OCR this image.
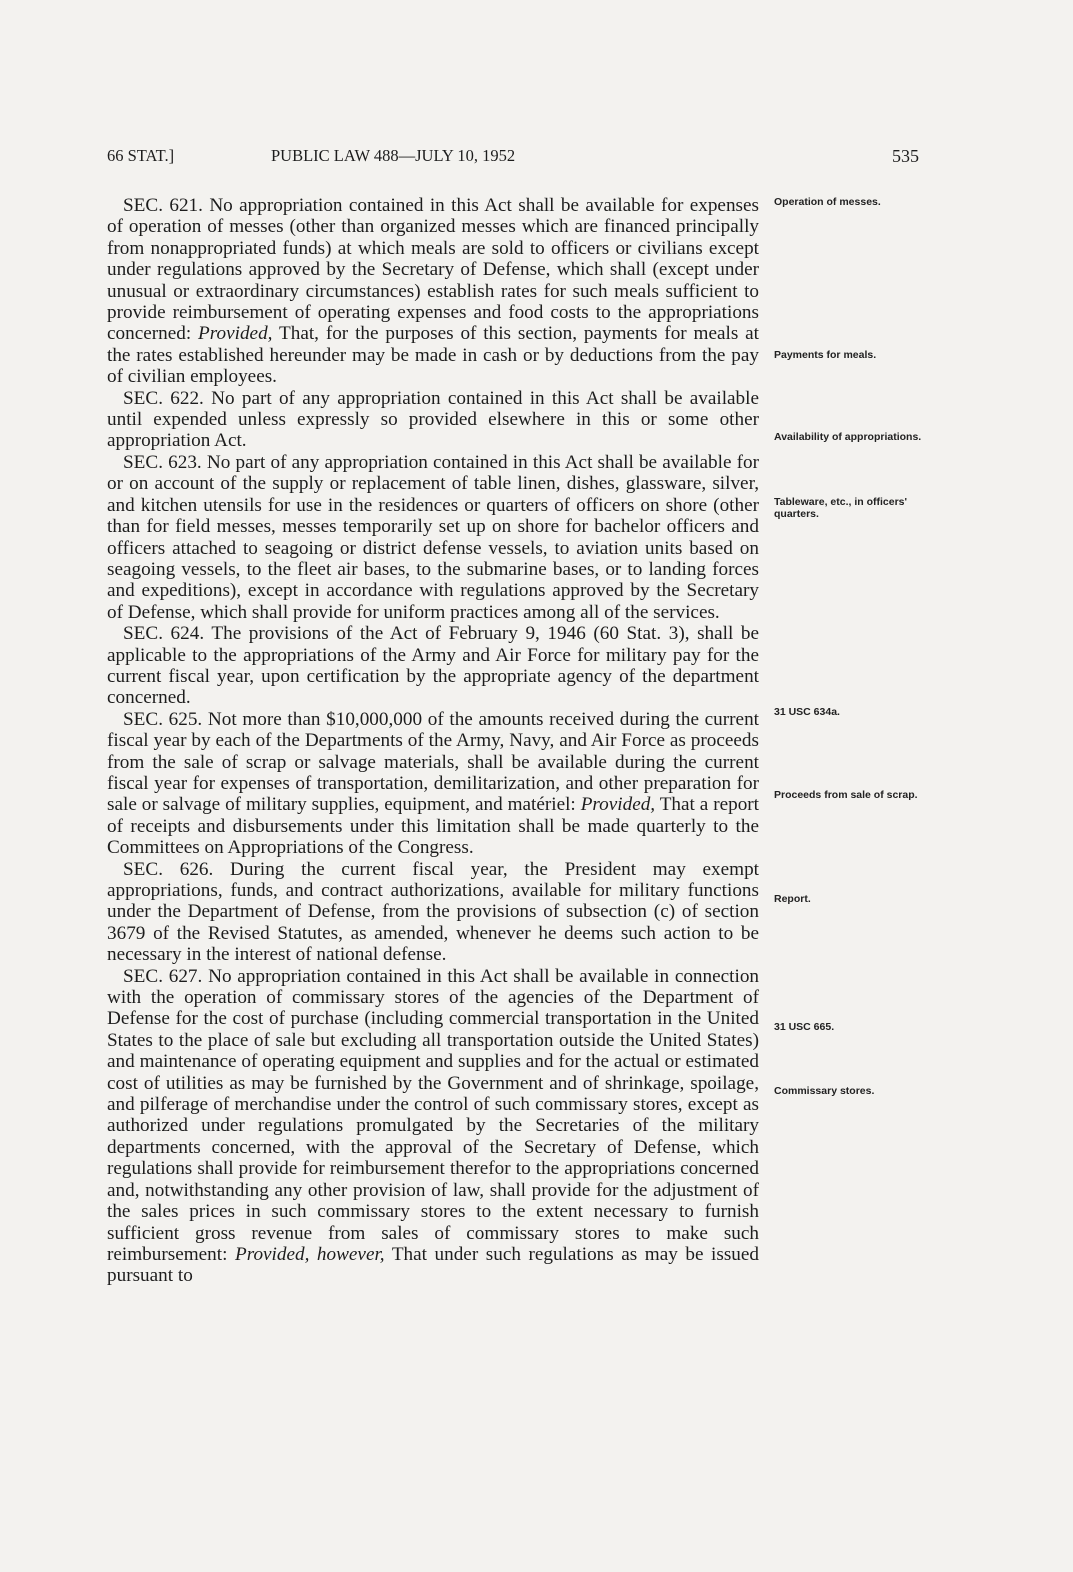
66 STAT.]	PUBLIC LAW 488—JULY 10, 1952	535

SEC. 621. No appropriation contained in this Act shall be available for expenses of operation of messes (other than organized messes which are financed principally from nonappropriated funds) at which meals are sold to officers or civilians except under regulations approved by the Secretary of Defense, which shall (except under unusual or extraordinary circumstances) establish rates for such meals sufficient to provide reimbursement of operating expenses and food costs to the appropriations concerned: Provided, That, for the purposes of this section, payments for meals at the rates established hereunder may be made in cash or by deductions from the pay of civilian employees.

SEC. 622. No part of any appropriation contained in this Act shall be available until expended unless expressly so provided elsewhere in this or some other appropriation Act.

SEC. 623. No part of any appropriation contained in this Act shall be available for or on account of the supply or replacement of table linen, dishes, glassware, silver, and kitchen utensils for use in the residences or quarters of officers on shore (other than for field messes, messes temporarily set up on shore for bachelor officers and officers attached to seagoing or district defense vessels, to aviation units based on seagoing vessels, to the fleet air bases, to the submarine bases, or to landing forces and expeditions), except in accordance with regulations approved by the Secretary of Defense, which shall provide for uniform practices among all of the services.

SEC. 624. The provisions of the Act of February 9, 1946 (60 Stat. 3), shall be applicable to the appropriations of the Army and Air Force for military pay for the current fiscal year, upon certification by the appropriate agency of the department concerned.

SEC. 625. Not more than $10,000,000 of the amounts received during the current fiscal year by each of the Departments of the Army, Navy, and Air Force as proceeds from the sale of scrap or salvage materials, shall be available during the current fiscal year for expenses of transportation, demilitarization, and other preparation for sale or salvage of military supplies, equipment, and matériel: Provided, That a report of receipts and disbursements under this limitation shall be made quarterly to the Committees on Appropriations of the Congress.

SEC. 626. During the current fiscal year, the President may exempt appropriations, funds, and contract authorizations, available for military functions under the Department of Defense, from the provisions of subsection (c) of section 3679 of the Revised Statutes, as amended, whenever he deems such action to be necessary in the interest of national defense.

SEC. 627. No appropriation contained in this Act shall be available in connection with the operation of commissary stores of the agencies of the Department of Defense for the cost of purchase (including commercial transportation in the United States to the place of sale but excluding all transportation outside the United States) and maintenance of operating equipment and supplies and for the actual or estimated cost of utilities as may be furnished by the Government and of shrinkage, spoilage, and pilferage of merchandise under the control of such commissary stores, except as authorized under regulations promulgated by the Secretaries of the military departments concerned, with the approval of the Secretary of Defense, which regulations shall provide for reimbursement therefor to the appropriations concerned and, notwithstanding any other provision of law, shall provide for the adjustment of the sales prices in such commissary stores to the extent necessary to furnish sufficient gross revenue from sales of commissary stores to make such reimbursement: Provided, however, That under such regulations as may be issued pursuant to

Operation of messes.
Payments for meals.
Availability of appropriations.
Tableware, etc., in officers' quarters.
31 USC 634a.
Proceeds from sale of scrap.
Report.
31 USC 665.
Commissary stores.
